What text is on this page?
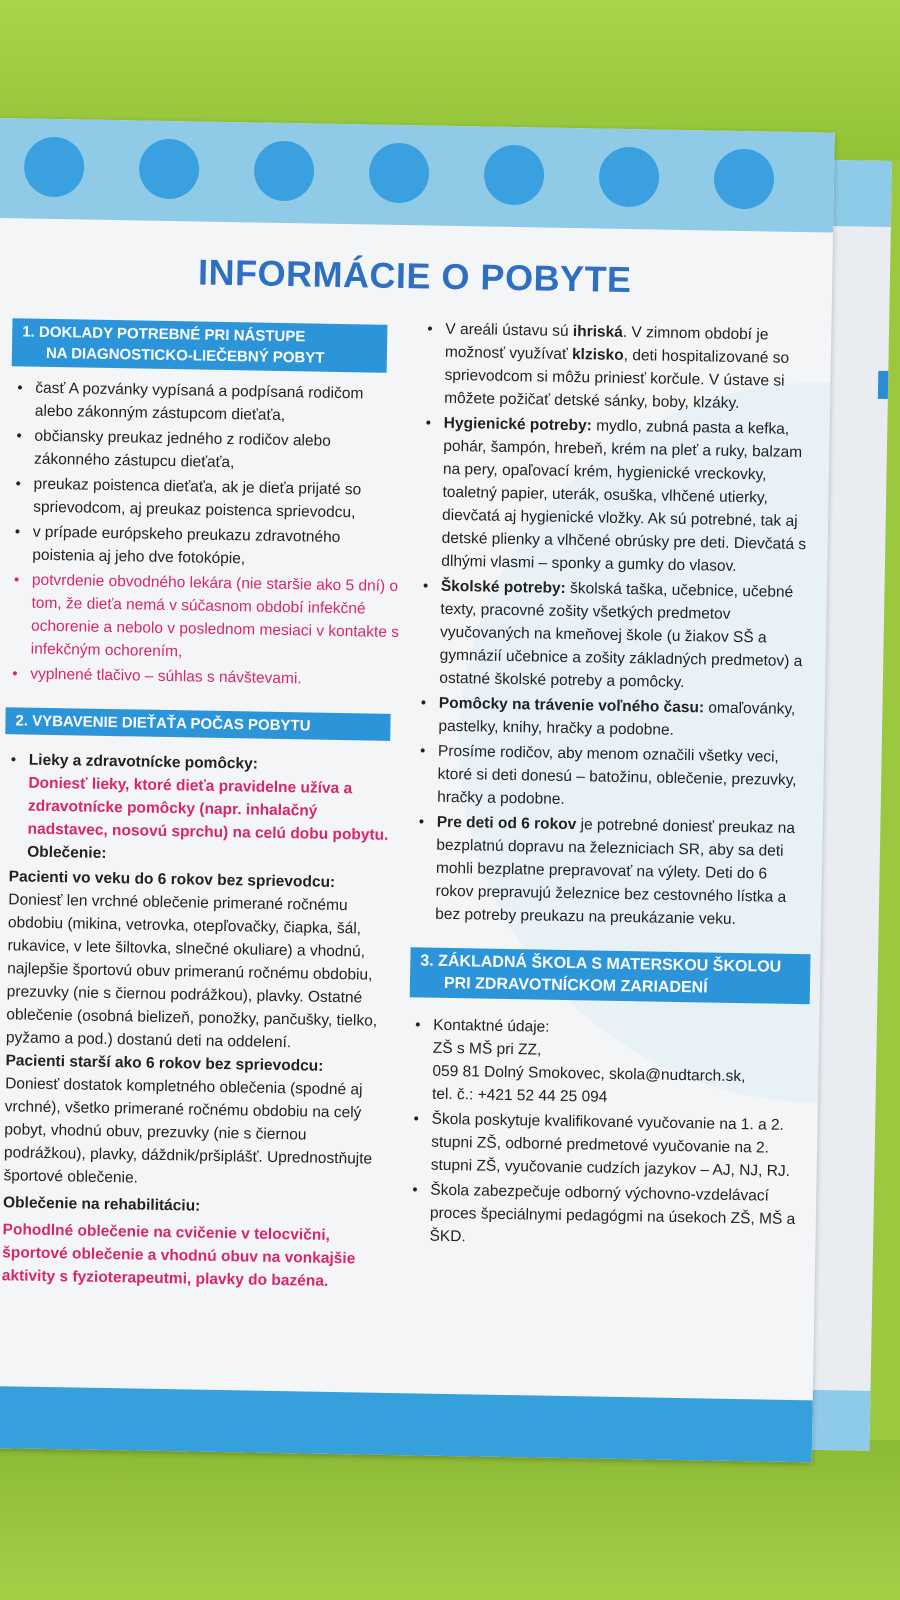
INFORMÁCIE O POBYTE
1. DOKLADY POTREBNÉ PRI NÁSTUPE
NA DIAGNOSTICKO-LIEČEBNÝ POBYT
• časť A pozvánky vypísaná a podpísaná rodičom alebo zákonným zástupcom dieťaťa,
• občiansky preukaz jedného z rodičov alebo zákonného zástupcu dieťaťa,
• preukaz poistenca dieťaťa, ak je dieťa prijaté so sprievodcom, aj preukaz poistenca sprievodcu,
• v prípade európskeho preukazu zdravotného poistenia aj jeho dve fotokópie,
• potvrdenie obvodného lekára (nie staršie ako 5 dní) o tom, že dieťa nemá v súčasnom období infekčné ochorenie a nebolo v poslednom mesiaci v kontakte s infekčným ochorením,
• vyplnené tlačivo – súhlas s návštevami.
2. VYBAVENIE DIEŤAŤA POČAS POBYTU
• Lieky a zdravotnícke pomôcky:
Doniesť lieky, ktoré dieťa pravidelne užíva a zdravotnícke pomôcky (napr. inhalačný nadstavec, nosovú sprchu) na celú dobu pobytu.
Oblečenie:

Pacienti vo veku do 6 rokov bez sprievodcu:

Doniesť len vrchné oblečenie primerané ročnému obdobiu (mikina, vetrovka, otepľovačky, čiapka, šál, rukavice, v lete šiltovka, slnečné okuliare) a vhodnú, najlepšie športovú obuv primeranú ročnému obdobiu, prezuvky (nie s čiernou podrážkou), plavky. Ostatné oblečenie (osobná bielizeň, ponožky, pančušky, tielko, pyžamo a pod.) dostanú deti na oddelení.

Pacienti starší ako 6 rokov bez sprievodcu:

Doniesť dostatok kompletného oblečenia (spodné aj vrchné), všetko primerané ročnému obdobiu na celý pobyt, vhodnú obuv, prezuvky (nie s čiernou podrážkou), plavky, dáždnik/pršiplášť. Uprednostňujte športové oblečenie.

Oblečenie na rehabilitáciu:

Pohodlné oblečenie na cvičenie v telocvični, športové oblečenie a vhodnú obuv na vonkajšie aktivity s fyzioterapeutmi, plavky do bazéna.

• V areáli ústavu sú ihriská. V zimnom období je možnosť využívať klzisko, deti hospitalizované so sprievodcom si môžu priniesť korčule. V ústave si môžete požičať detské sánky, boby, klzáky.
• Hygienické potreby: mydlo, zubná pasta a kefka, pohár, šampón, hrebeň, krém na pleť a ruky, balzam na pery, opaľovací krém, hygienické vreckovky, toaletný papier, uterák, osuška, vlhčené utierky, dievčatá aj hygienické vložky. Ak sú potrebné, tak aj detské plienky a vlhčené obrúsky pre deti. Dievčatá s dlhými vlasmi – sponky a gumky do vlasov.
• Školské potreby: školská taška, učebnice, učebné texty, pracovné zošity všetkých predmetov vyučovaných na kmeňovej škole (u žiakov SŠ a gymnázií učebnice a zošity základných predmetov) a ostatné školské potreby a pomôcky.
• Pomôcky na trávenie voľného času: omaľovánky, pastelky, knihy, hračky a podobne.
• Prosíme rodičov, aby menom označili všetky veci, ktoré si deti donesú – batožinu, oblečenie, prezuvky, hračky a podobne.
• Pre deti od 6 rokov je potrebné doniesť preukaz na bezplatnú dopravu na železniciach SR, aby sa deti mohli bezplatne prepravovať na výlety. Deti do 6 rokov prepravujú železnice bez cestovného lístka a bez potreby preukazu na preukázanie veku.
3. ZÁKLADNÁ ŠKOLA S MATERSKOU ŠKOLOU
PRI ZDRAVOTNÍCKOM ZARIADENÍ
• Kontaktné údaje:
ZŠ s MŠ pri ZZ,
059 81 Dolný Smokovec, skola@nudtarch.sk,
tel. č.: +421 52 44 25 094
• Škola poskytuje kvalifikované vyučovanie na 1. a 2. stupni ZŠ, odborné predmetové vyučovanie na 2. stupni ZŠ, vyučovanie cudzích jazykov – AJ, NJ, RJ.
• Škola zabezpečuje odborný výchovno-vzdelávací proces špeciálnymi pedagógmi na úsekoch ZŠ, MŠ a ŠKD.
